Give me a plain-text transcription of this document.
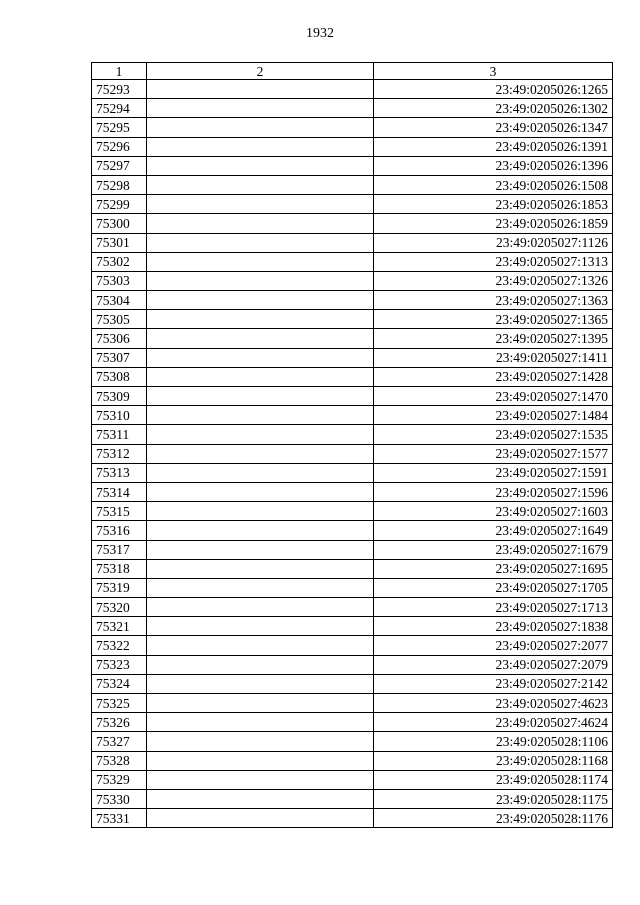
1932
1	2	3
75293		23:49:0205026:1265
75294		23:49:0205026:1302
75295		23:49:0205026:1347
75296		23:49:0205026:1391
75297		23:49:0205026:1396
75298		23:49:0205026:1508
75299		23:49:0205026:1853
75300		23:49:0205026:1859
75301		23:49:0205027:1126
75302		23:49:0205027:1313
75303		23:49:0205027:1326
75304		23:49:0205027:1363
75305		23:49:0205027:1365
75306		23:49:0205027:1395
75307		23:49:0205027:1411
75308		23:49:0205027:1428
75309		23:49:0205027:1470
75310		23:49:0205027:1484
75311		23:49:0205027:1535
75312		23:49:0205027:1577
75313		23:49:0205027:1591
75314		23:49:0205027:1596
75315		23:49:0205027:1603
75316		23:49:0205027:1649
75317		23:49:0205027:1679
75318		23:49:0205027:1695
75319		23:49:0205027:1705
75320		23:49:0205027:1713
75321		23:49:0205027:1838
75322		23:49:0205027:2077
75323		23:49:0205027:2079
75324		23:49:0205027:2142
75325		23:49:0205027:4623
75326		23:49:0205027:4624
75327		23:49:0205028:1106
75328		23:49:0205028:1168
75329		23:49:0205028:1174
75330		23:49:0205028:1175
75331		23:49:0205028:1176
